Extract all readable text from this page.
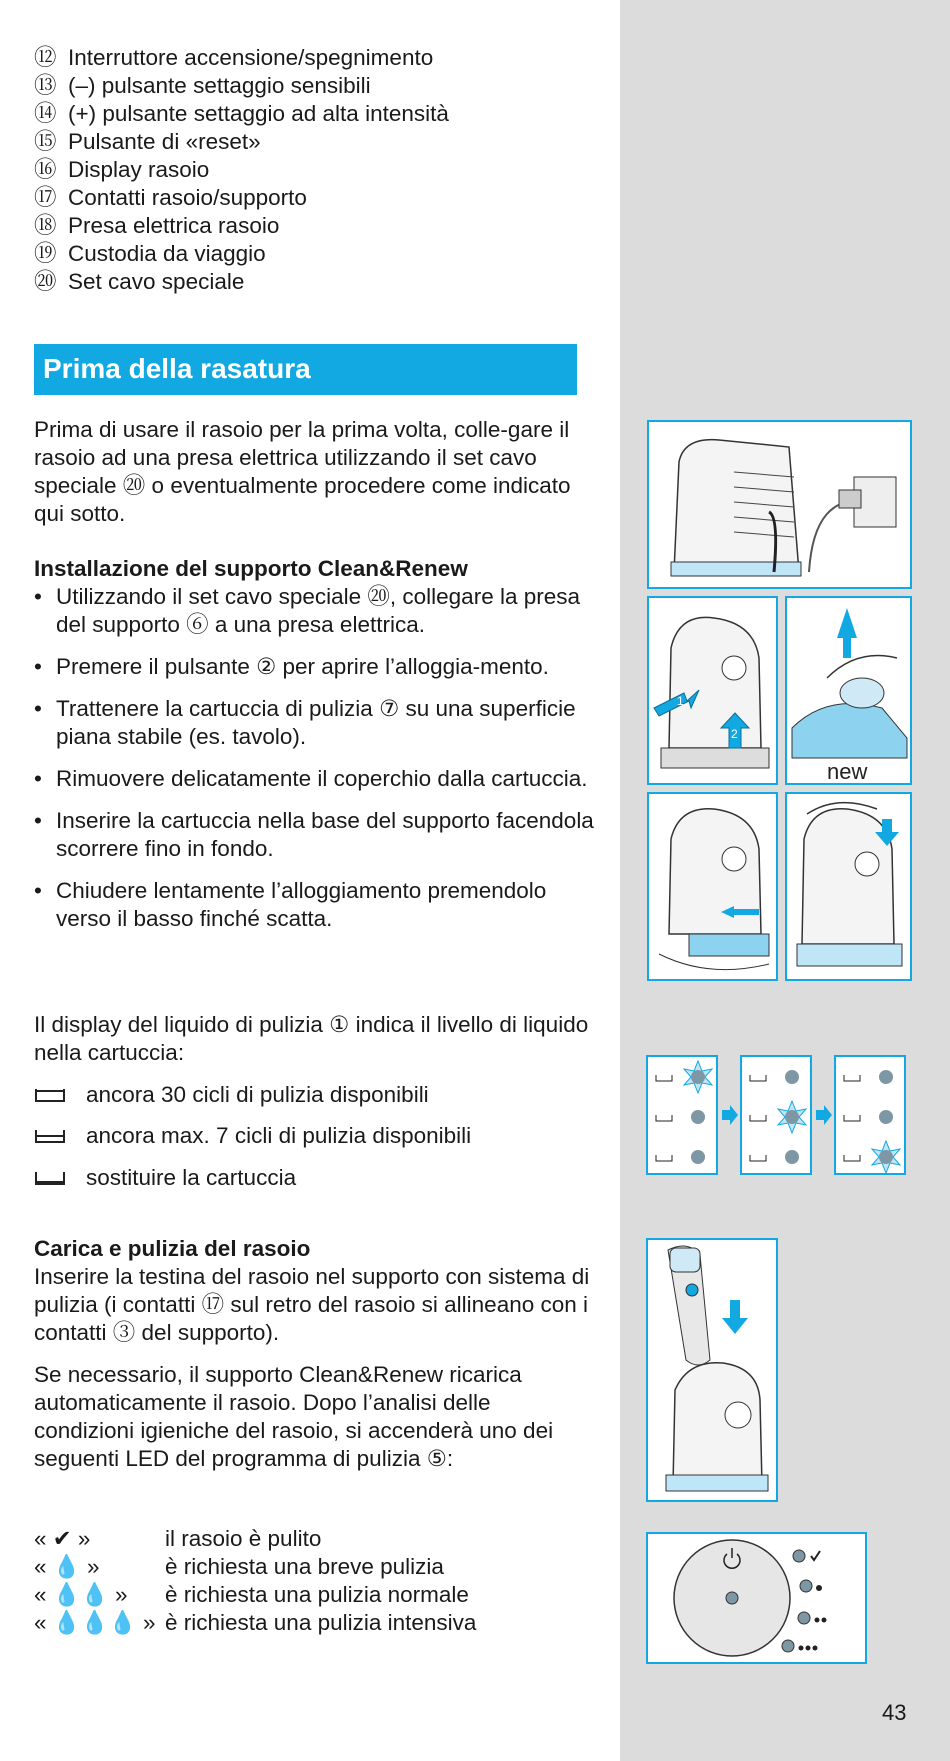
⑫ Interruttore accensione/spegnimento
⑬ (–) pulsante settaggio sensibili
⑭ (+) pulsante settaggio ad alta intensità
⑮ Pulsante di «reset»
⑯ Display rasoio
⑰ Contatti rasoio/supporto
⑱ Presa elettrica rasoio
⑲ Custodia da viaggio
⑳ Set cavo speciale
Prima della rasatura

Prima di usare il rasoio per la prima volta, colle-gare il rasoio ad una presa elettrica utilizzando il set cavo speciale ⑳ o eventualmente procedere come indicato qui sotto.

Installazione del supporto Clean&Renew
• Utilizzando il set cavo speciale ⑳, collegare la presa del supporto ⑥ a una presa elettrica.
• Premere il pulsante ② per aprire l’alloggia-mento.
• Trattenere la cartuccia di pulizia ⑦ su una superficie piana stabile (es. tavolo).
• Rimuovere delicatamente il coperchio dalla cartuccia.
• Inserire la cartuccia nella base del supporto facendola scorrere fino in fondo.
• Chiudere lentamente l’alloggiamento premendolo verso il basso finché scatta.

Il display del liquido di pulizia ① indica il livello di liquido nella cartuccia:

ancora 30 cicli di pulizia disponibili
ancora max. 7 cicli di pulizia disponibili
sostituire la cartuccia
Carica e pulizia del rasoio

Inserire la testina del rasoio nel supporto con sistema di pulizia (i contatti ⑰ sul retro del rasoio si allineano con i contatti ③ del supporto).

Se necessario, il supporto Clean&Renew ricarica automaticamente il rasoio. Dopo l’analisi delle condizioni igieniche del rasoio, si accenderà uno dei seguenti LED del programma di pulizia ⑤:

« ✔ »	il rasoio è pulito
« 💧 »	è richiesta una breve pulizia
« 💧💧 » è richiesta una pulizia normale
« 💧💧💧 » è richiesta una pulizia intensiva
1
2
new
43
